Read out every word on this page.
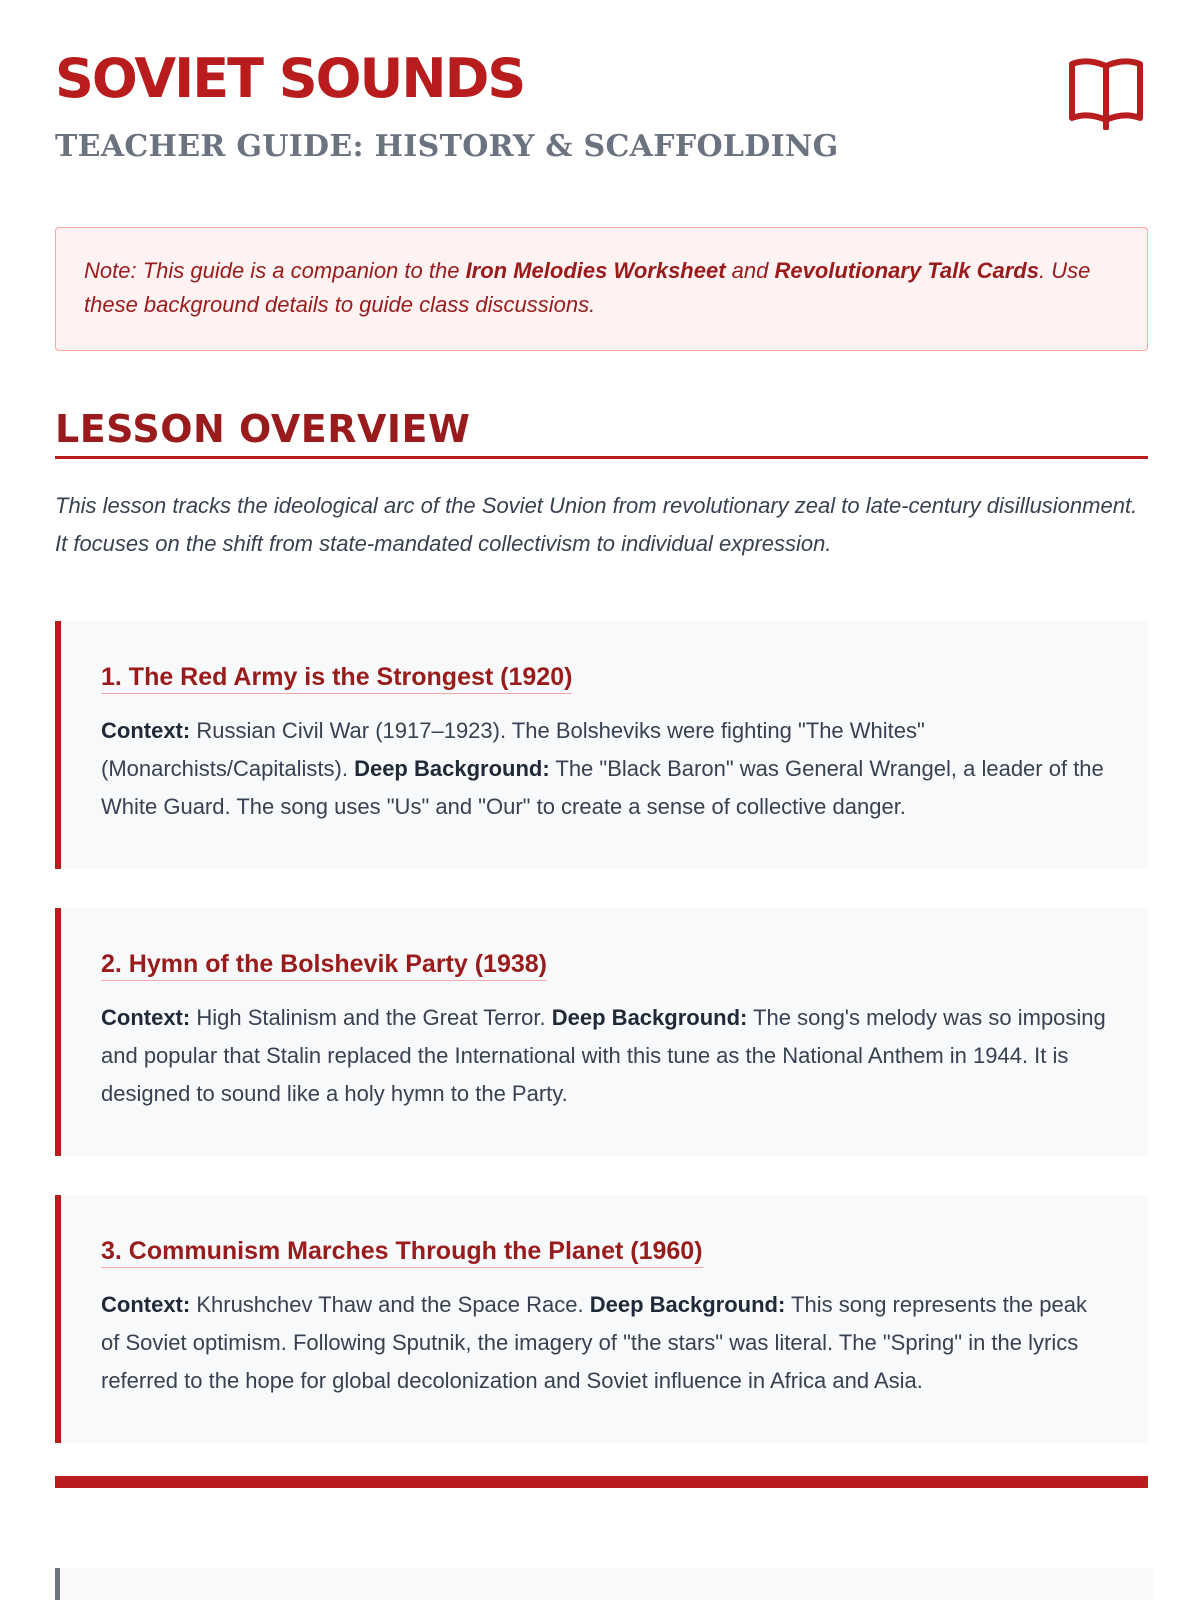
SOVIET SOUNDS
TEACHER GUIDE: HISTORY & SCAFFOLDING
Note: This guide is a companion to the Iron Melodies Worksheet and Revolutionary Talk Cards. Use these background details to guide class discussions.
LESSON OVERVIEW

This lesson tracks the ideological arc of the Soviet Union from revolutionary zeal to late-century disillusionment. It focuses on the shift from state-mandated collectivism to individual expression.

1. The Red Army is the Strongest (1920)

Context: Russian Civil War (1917–1923). The Bolsheviks were fighting "The Whites" (Monarchists/Capitalists). Deep Background: The "Black Baron" was General Wrangel, a leader of the White Guard. The song uses "Us" and "Our" to create a sense of collective danger.

2. Hymn of the Bolshevik Party (1938)

Context: High Stalinism and the Great Terror. Deep Background: The song's melody was so imposing and popular that Stalin replaced the International with this tune as the National Anthem in 1944. It is designed to sound like a holy hymn to the Party.

3. Communism Marches Through the Planet (1960)

Context: Khrushchev Thaw and the Space Race. Deep Background: This song represents the peak of Soviet optimism. Following Sputnik, the imagery of "the stars" was literal. The "Spring" in the lyrics referred to the hope for global decolonization and Soviet influence in Africa and Asia.
